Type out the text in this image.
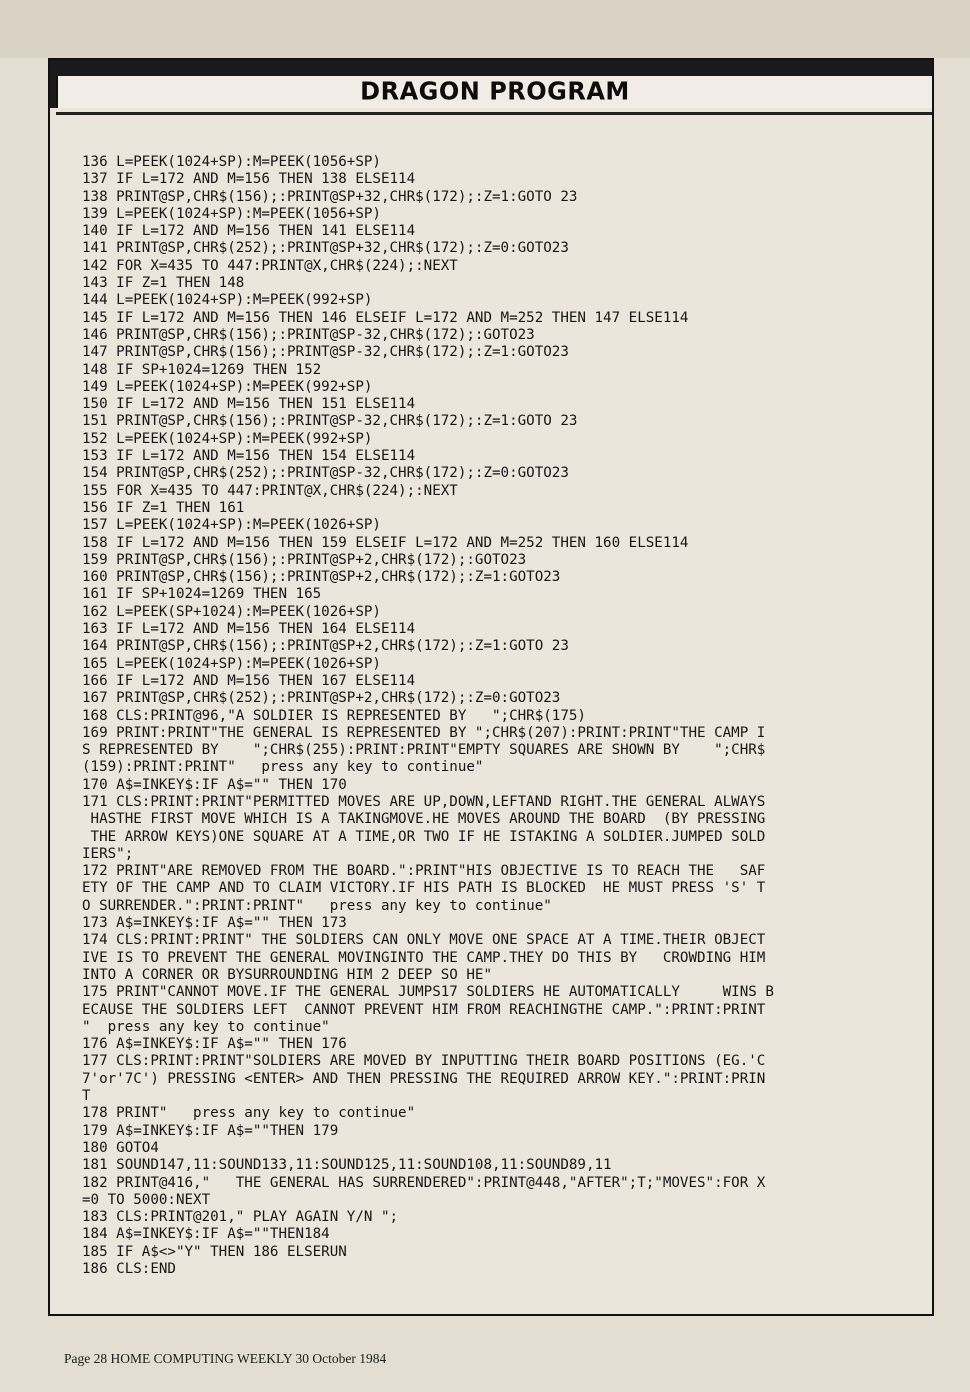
DRAGON PROGRAM
136 L=PEEK(1024+SP):M=PEEK(1056+SP)
137 IF L=172 AND M=156 THEN 138 ELSE114
138 PRINT@SP,CHR$(156);:PRINT@SP+32,CHR$(172);:Z=1:GOTO 23
139 L=PEEK(1024+SP):M=PEEK(1056+SP)
140 IF L=172 AND M=156 THEN 141 ELSE114
141 PRINT@SP,CHR$(252);:PRINT@SP+32,CHR$(172);:Z=0:GOTO23
142 FOR X=435 TO 447:PRINT@X,CHR$(224);:NEXT
143 IF Z=1 THEN 148
144 L=PEEK(1024+SP):M=PEEK(992+SP)
145 IF L=172 AND M=156 THEN 146 ELSEIF L=172 AND M=252 THEN 147 ELSE114
146 PRINT@SP,CHR$(156);:PRINT@SP-32,CHR$(172);:GOTO23
147 PRINT@SP,CHR$(156);:PRINT@SP-32,CHR$(172);:Z=1:GOTO23
148 IF SP+1024=1269 THEN 152
149 L=PEEK(1024+SP):M=PEEK(992+SP)
150 IF L=172 AND M=156 THEN 151 ELSE114
151 PRINT@SP,CHR$(156);:PRINT@SP-32,CHR$(172);:Z=1:GOTO 23
152 L=PEEK(1024+SP):M=PEEK(992+SP)
153 IF L=172 AND M=156 THEN 154 ELSE114
154 PRINT@SP,CHR$(252);:PRINT@SP-32,CHR$(172);:Z=0:GOTO23
155 FOR X=435 TO 447:PRINT@X,CHR$(224);:NEXT
156 IF Z=1 THEN 161
157 L=PEEK(1024+SP):M=PEEK(1026+SP)
158 IF L=172 AND M=156 THEN 159 ELSEIF L=172 AND M=252 THEN 160 ELSE114
159 PRINT@SP,CHR$(156);:PRINT@SP+2,CHR$(172);:GOTO23
160 PRINT@SP,CHR$(156);:PRINT@SP+2,CHR$(172);:Z=1:GOTO23
161 IF SP+1024=1269 THEN 165
162 L=PEEK(SP+1024):M=PEEK(1026+SP)
163 IF L=172 AND M=156 THEN 164 ELSE114
164 PRINT@SP,CHR$(156);:PRINT@SP+2,CHR$(172);:Z=1:GOTO 23
165 L=PEEK(1024+SP):M=PEEK(1026+SP)
166 IF L=172 AND M=156 THEN 167 ELSE114
167 PRINT@SP,CHR$(252);:PRINT@SP+2,CHR$(172);:Z=0:GOTO23
168 CLS:PRINT@96,"A SOLDIER IS REPRESENTED BY   ";CHR$(175)
169 PRINT:PRINT"THE GENERAL IS REPRESENTED BY ";CHR$(207):PRINT:PRINT"THE CAMP I
S REPRESENTED BY    ";CHR$(255):PRINT:PRINT"EMPTY SQUARES ARE SHOWN BY    ";CHR$
(159):PRINT:PRINT"   press any key to continue"
170 A$=INKEY$:IF A$="" THEN 170
171 CLS:PRINT:PRINT"PERMITTED MOVES ARE UP,DOWN,LEFTAND RIGHT.THE GENERAL ALWAYS
HASTHE FIRST MOVE WHICH IS A TAKINGMOVE.HE MOVES AROUND THE BOARD  (BY PRESSING
THE ARROW KEYS)ONE SQUARE AT A TIME,OR TWO IF HE ISTAKING A SOLDIER.JUMPED SOLD
IERS";
172 PRINT"ARE REMOVED FROM THE BOARD.":PRINT"HIS OBJECTIVE IS TO REACH THE   SAF
ETY OF THE CAMP AND TO CLAIM VICTORY.IF HIS PATH IS BLOCKED  HE MUST PRESS 'S' T
O SURRENDER.":PRINT:PRINT"   press any key to continue"
173 A$=INKEY$:IF A$="" THEN 173
174 CLS:PRINT:PRINT" THE SOLDIERS CAN ONLY MOVE ONE SPACE AT A TIME.THEIR OBJECT
IVE IS TO PREVENT THE GENERAL MOVINGINTO THE CAMP.THEY DO THIS BY   CROWDING HIM
INTO A CORNER OR BYSURROUNDING HIM 2 DEEP SO HE"
175 PRINT"CANNOT MOVE.IF THE GENERAL JUMPS17 SOLDIERS HE AUTOMATICALLY     WINS B
ECAUSE THE SOLDIERS LEFT  CANNOT PREVENT HIM FROM REACHINGTHE CAMP.":PRINT:PRINT
"  press any key to continue"
176 A$=INKEY$:IF A$="" THEN 176
177 CLS:PRINT:PRINT"SOLDIERS ARE MOVED BY INPUTTING THEIR BOARD POSITIONS (EG.'C
7'or'7C') PRESSING <ENTER> AND THEN PRESSING THE REQUIRED ARROW KEY.":PRINT:PRIN
T
178 PRINT"   press any key to continue"
179 A$=INKEY$:IF A$=""THEN 179
180 GOTO4
181 SOUND147,11:SOUND133,11:SOUND125,11:SOUND108,11:SOUND89,11
182 PRINT@416,"   THE GENERAL HAS SURRENDERED":PRINT@448,"AFTER";T;"MOVES":FOR X
=0 TO 5000:NEXT
183 CLS:PRINT@201," PLAY AGAIN Y/N ";
184 A$=INKEY$:IF A$=""THEN184
185 IF A$<>"Y" THEN 186 ELSERUN
186 CLS:END
Page 28 HOME COMPUTING WEEKLY 30 October 1984
